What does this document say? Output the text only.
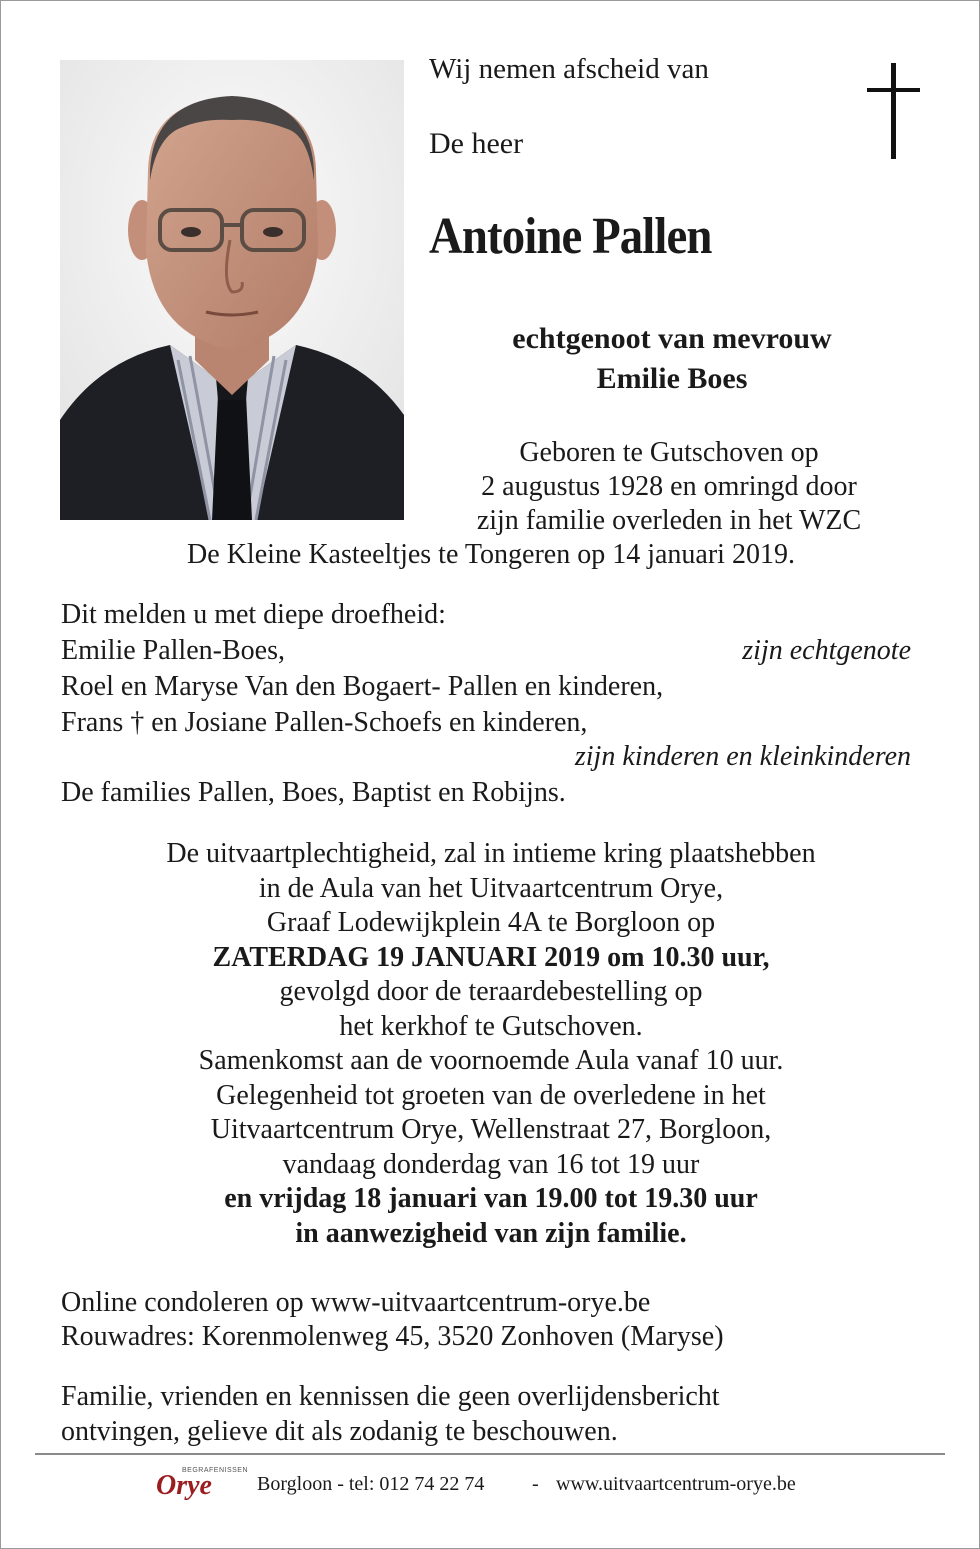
Wij nemen afscheid van
De heer
Antoine Pallen
echtgenoot van mevrouw
Emilie Boes
Geboren te Gutschoven op
2 augustus 1928 en omringd door
zijn familie overleden in het WZC
De Kleine Kasteeltjes te Tongeren op 14 januari 2019.
Dit melden u met diepe droefheid:
Emilie Pallen-Boes,	zijn echtgenote
Roel en Maryse Van den Bogaert- Pallen en kinderen,
Frans † en Josiane Pallen-Schoefs en kinderen,
zijn kinderen en kleinkinderen
De families Pallen, Boes, Baptist en Robijns.
De uitvaartplechtigheid, zal in intieme kring plaatshebben
in de Aula van het Uitvaartcentrum Orye,
Graaf Lodewijkplein 4A te Borgloon op
ZATERDAG 19 JANUARI 2019 om 10.30 uur,
gevolgd door de teraardebestelling op
het kerkhof te Gutschoven.
Samenkomst aan de voornoemde Aula vanaf 10 uur.
Gelegenheid tot groeten van de overledene in het
Uitvaartcentrum Orye, Wellenstraat 27, Borgloon,
vandaag donderdag van 16 tot 19 uur
en vrijdag 18 januari van 19.00 tot 19.30 uur
in aanwezigheid van zijn familie.
Online condoleren op www-uitvaartcentrum-orye.be
Rouwadres: Korenmolenweg 45, 3520 Zonhoven (Maryse)
Familie, vrienden en kennissen die geen overlijdensbericht
ontvingen, gelieve dit als zodanig te beschouwen.
BEGRAFENISSEN
Orye Borgloon - tel: 012 74 22 74 - www.uitvaartcentrum-orye.be
